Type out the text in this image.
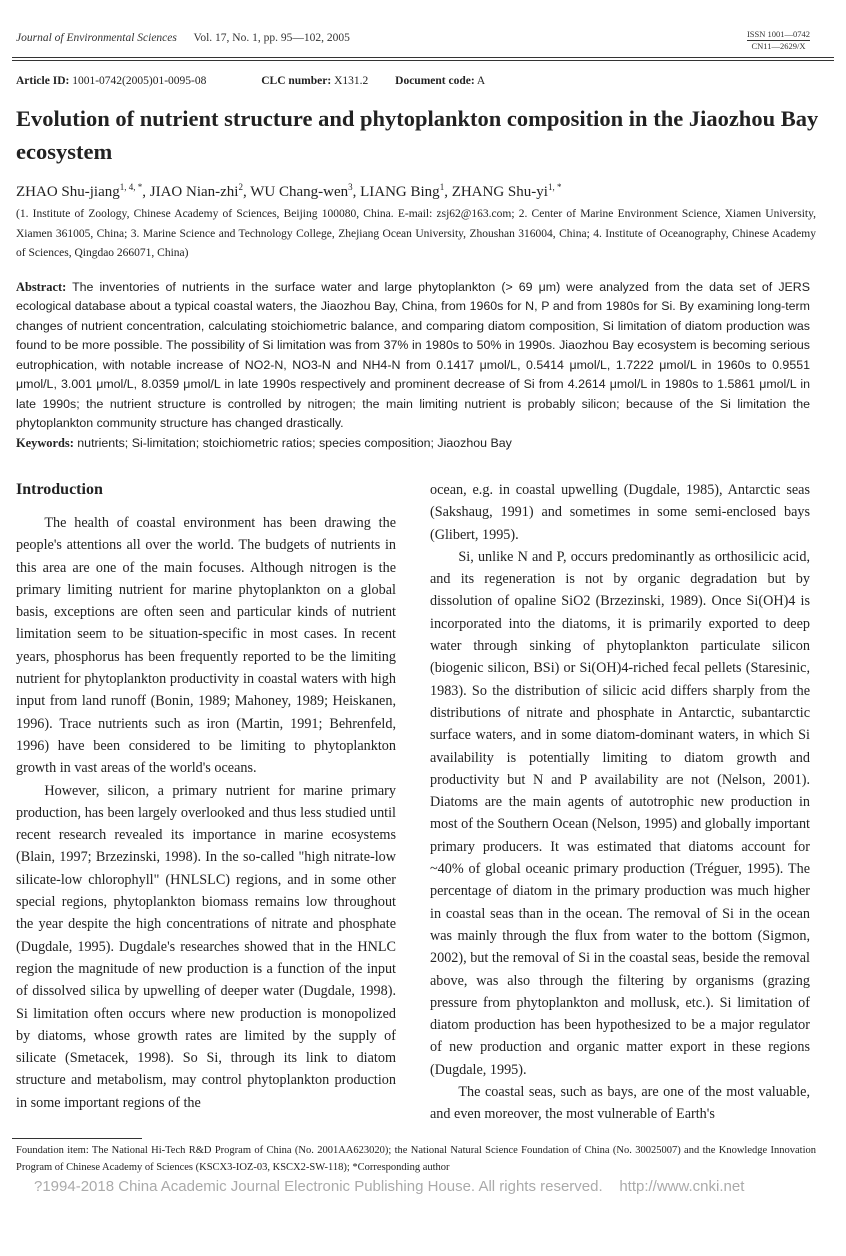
Journal of Environmental Sciences Vol. 17, No. 1, pp. 95—102, 2005	ISSN 1001—0742
CN11—2629/X
Article ID: 1001-0742(2005)01-0095-08	CLC number: X131.2 Document code: A
Evolution of nutrient structure and phytoplankton composition in the Jiaozhou Bay ecosystem
ZHAO Shu-jiang$^{1, 4, *}$, JIAO Nian-zhi$^2$, WU Chang-wen$^3$, LIANG Bing$^1$, ZHANG Shu-$yi^{1, *}$
(1. Institute of Zoology, Chinese Academy of Sciences, Beijing 100080, China. E-mail: zsj62@163.com; 2. Center of Marine Environment Science, Xiamen University, Xiamen 361005, China; 3. Marine Science and Technology College, Zhejiang Ocean University, Zhoushan 316004, China; 4. Institute of Oceanography, Chinese Academy of Sciences, Qingdao 266071, China)
Abstract: The inventories of nutrients in the surface water and large phytoplankton (> 69 μm) were analyzed from the data set of JERS ecological database about a typical coastal waters, the Jiaozhou Bay, China, from 1960s for N, P and from 1980s for Si. By examining long-term changes of nutrient concentration, calculating stoichiometric balance, and comparing diatom composition, Si limitation of diatom production was found to be more possible. The possibility of Si limitation was from 37% in 1980s to 50% in 1990s. Jiaozhou Bay ecosystem is becoming serious eutrophication, with notable increase of NO2-N, NO3-N and NH4-N from 0.1417 μmol/L, 0.5414 μmol/L, 1.7222 μmol/L in 1960s to 0.9551 μmol/L, 3.001 μmol/L, 8.0359 μmol/L in late 1990s respectively and prominent decrease of Si from 4.2614 μmol/L in 1980s to 1.5861 μmol/L in late 1990s; the nutrient structure is controlled by nitrogen; the main limiting nutrient is probably silicon; because of the Si limitation the phytoplankton community structure has changed drastically.
Keywords: nutrients; Si-limitation; stoichiometric ratios; species composition; Jiaozhou Bay
Introduction

The health of coastal environment has been drawing the people's attentions all over the world. The budgets of nutrients in this area are one of the main focuses. Although nitrogen is the primary limiting nutrient for marine phytoplankton on a global basis, exceptions are often seen and particular kinds of nutrient limitation seem to be situation-specific in most cases. In recent years, phosphorus has been frequently reported to be the limiting nutrient for phytoplankton productivity in coastal waters with high input from land runoff (Bonin, 1989; Mahoney, 1989; Heiskanen, 1996). Trace nutrients such as iron (Martin, 1991; Behrenfeld, 1996) have been considered to be limiting to phytoplankton growth in vast areas of the world's oceans.

However, silicon, a primary nutrient for marine primary production, has been largely overlooked and thus less studied until recent research revealed its importance in marine ecosystems (Blain, 1997; Brzezinski, 1998). In the so-called "high nitrate-low silicate-low chlorophyll" (HNLSLC) regions, and in some other special regions, phytoplankton biomass remains low throughout the year despite the high concentrations of nitrate and phosphate (Dugdale, 1995). Dugdale's researches showed that in the HNLC region the magnitude of new production is a function of the input of dissolved silica by upwelling of deeper water (Dugdale, 1998). Si limitation often occurs where new production is monopolized by diatoms, whose growth rates are limited by the supply of silicate (Smetacek, 1998). So Si, through its link to diatom structure and metabolism, may control phytoplankton production in some important regions of the

ocean, e.g. in coastal upwelling (Dugdale, 1985), Antarctic seas (Sakshaug, 1991) and sometimes in some semi-enclosed bays (Glibert, 1995).

Si, unlike N and P, occurs predominantly as orthosilicic acid, and its regeneration is not by organic degradation but by dissolution of opaline SiO2 (Brzezinski, 1989). Once Si(OH)4 is incorporated into the diatoms, it is primarily exported to deep water through sinking of phytoplankton particulate silicon (biogenic silicon, BSi) or Si(OH)4-riched fecal pellets (Staresinic, 1983). So the distribution of silicic acid differs sharply from the distributions of nitrate and phosphate in Antarctic, subantarctic surface waters, and in some diatom-dominant waters, in which Si availability is potentially limiting to diatom growth and productivity but N and P availability are not (Nelson, 2001). Diatoms are the main agents of autotrophic new production in most of the Southern Ocean (Nelson, 1995) and globally important primary producers. It was estimated that diatoms account for ~40% of global oceanic primary production (Tréguer, 1995). The percentage of diatom in the primary production was much higher in coastal seas than in the ocean. The removal of Si in the ocean was mainly through the flux from water to the bottom (Sigmon, 2002), but the removal of Si in the coastal seas, beside the removal above, was also through the filtering by organisms (grazing pressure from phytoplankton and mollusk, etc.). Si limitation of diatom production has been hypothesized to be a major regulator of new production and organic matter export in these regions (Dugdale, 1995).

The coastal seas, such as bays, are one of the most valuable, and even moreover, the most vulnerable of Earth's

Foundation item: The National Hi-Tech R&D Program of China (No. 2001AA623020); the National Natural Science Foundation of China (No. 30025007) and the Knowledge Innovation Program of Chinese Academy of Sciences (KSCX3-IOZ-03, KSCX2-SW-118); *Corresponding author
?1994-2018 China Academic Journal Electronic Publishing House. All rights reserved.    http://www.cnki.net
